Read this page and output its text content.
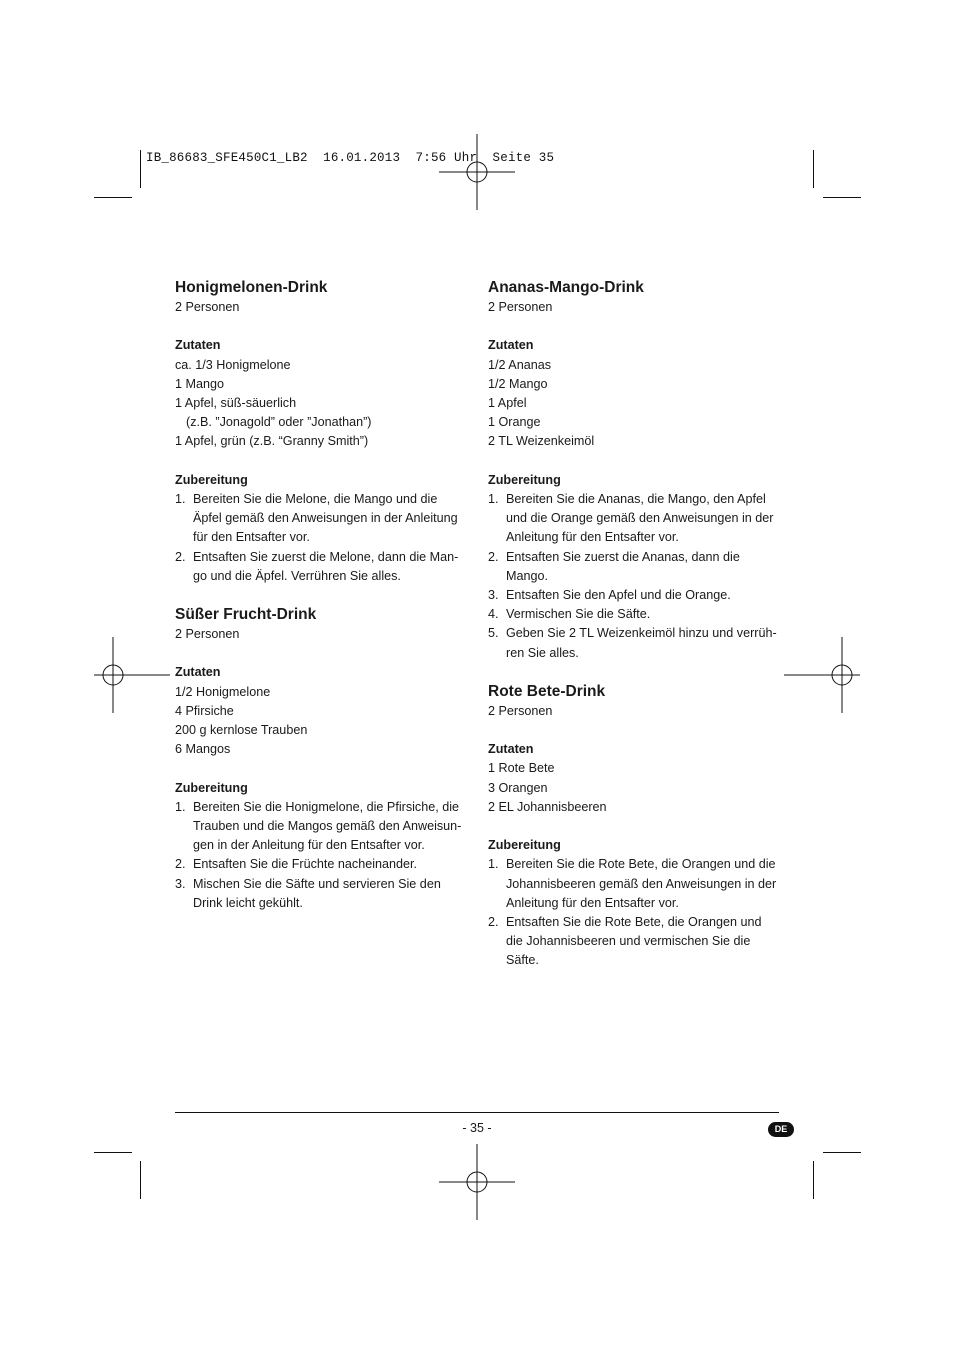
IB_86683_SFE450C1_LB2  16.01.2013  7:56 Uhr  Seite 35
Honigmelonen-Drink

2 Personen

Zutaten

ca. 1/3 Honigmelone

1 Mango

1 Apfel, süß-säuerlich

(z.B. ”Jonagold” oder ”Jonathan”)

1 Apfel, grün (z.B. “Granny Smith”)

Zubereitung
1. Bereiten Sie die Melone, die Mango und die
Äpfel gemäß den Anweisungen in der Anleitung
für den Entsafter vor.
2. Entsaften Sie zuerst die Melone, dann die Man-
go und die Äpfel. Verrühren Sie alles.
Süßer Frucht-Drink

2 Personen

Zutaten

1/2 Honigmelone

4 Pfirsiche

200 g kernlose Trauben

6 Mangos

Zubereitung
1. Bereiten Sie die Honigmelone, die Pfirsiche, die
Trauben und die Mangos gemäß den Anweisun-
gen in der Anleitung für den Entsafter vor.
2. Entsaften Sie die Früchte nacheinander.
3. Mischen Sie die Säfte und servieren Sie den
Drink leicht gekühlt.
Ananas-Mango-Drink

2 Personen

Zutaten

1/2 Ananas

1/2 Mango

1 Apfel

1 Orange

2 TL Weizenkeimöl

Zubereitung
1. Bereiten Sie die Ananas, die Mango, den Apfel
und die Orange gemäß den Anweisungen in der
Anleitung für den Entsafter vor.
2. Entsaften Sie zuerst die Ananas, dann die
Mango.
3. Entsaften Sie den Apfel und die Orange.
4. Vermischen Sie die Säfte.
5. Geben Sie 2 TL Weizenkeimöl hinzu und verrüh-
ren Sie alles.
Rote Bete-Drink

2 Personen

Zutaten

1 Rote Bete

3 Orangen

2 EL Johannisbeeren

Zubereitung
1. Bereiten Sie die Rote Bete, die Orangen und die
Johannisbeeren gemäß den Anweisungen in der
Anleitung für den Entsafter vor.
2. Entsaften Sie die Rote Bete, die Orangen und
die Johannisbeeren und vermischen Sie die
Säfte.
- 35 -	DE
